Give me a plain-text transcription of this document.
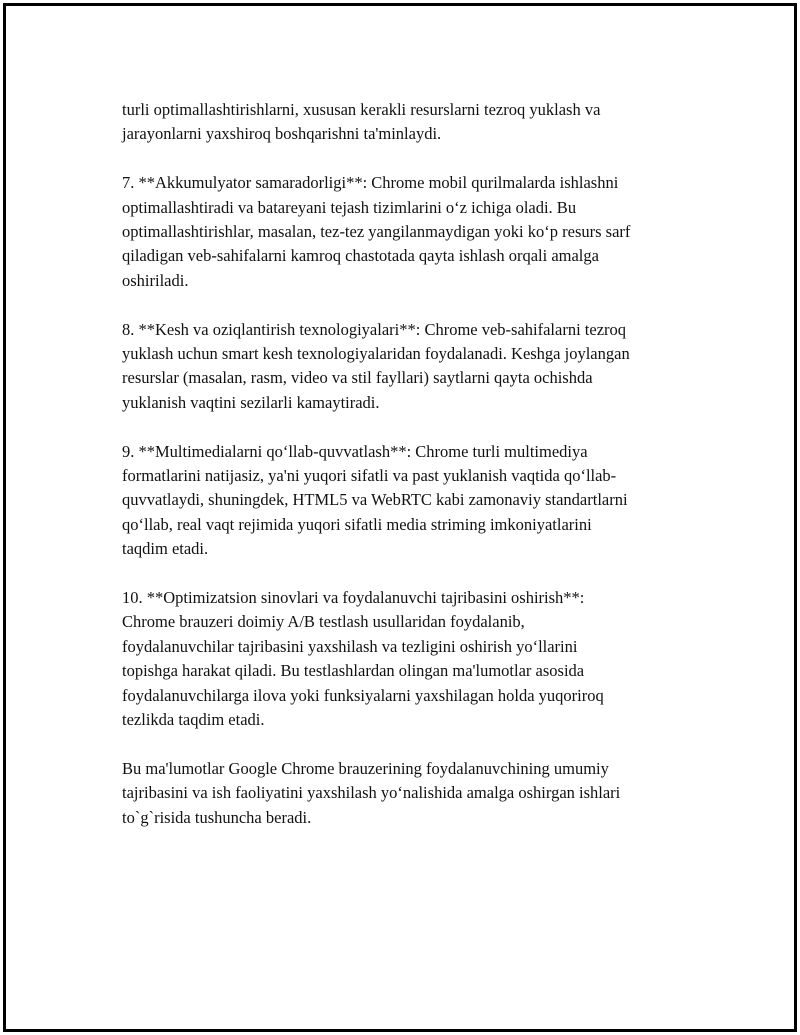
turli optimallashtirishlarni, xususan kerakli resurslarni tezroq yuklash va
jarayonlarni yaxshiroq boshqarishni ta'minlaydi.

7. **Akkumulyator samaradorligi**: Chrome mobil qurilmalarda ishlashni
optimallashtiradi va batareyani tejash tizimlarini o‘z ichiga oladi. Bu
optimallashtirishlar, masalan, tez-tez yangilanmaydigan yoki ko‘p resurs sarf
qiladigan veb-sahifalarni kamroq chastotada qayta ishlash orqali amalga
oshiriladi.

8. **Kesh va oziqlantirish texnologiyalari**: Chrome veb-sahifalarni tezroq
yuklash uchun smart kesh texnologiyalaridan foydalanadi. Keshga joylangan
resurslar (masalan, rasm, video va stil fayllari) saytlarni qayta ochishda
yuklanish vaqtini sezilarli kamaytiradi.

9. **Multimedialarni qo‘llab-quvvatlash**: Chrome turli multimediya
formatlarini natijasiz, ya'ni yuqori sifatli va past yuklanish vaqtida qo‘llab-
quvvatlaydi, shuningdek, HTML5 va WebRTC kabi zamonaviy standartlarni
qo‘llab, real vaqt rejimida yuqori sifatli media striming imkoniyatlarini
taqdim etadi.

10. **Optimizatsion sinovlari va foydalanuvchi tajribasini oshirish**:
Chrome brauzeri doimiy A/B testlash usullaridan foydalanib,
foydalanuvchilar tajribasini yaxshilash va tezligini oshirish yo‘llarini
topishga harakat qiladi. Bu testlashlardan olingan ma'lumotlar asosida
foydalanuvchilarga ilova yoki funksiyalarni yaxshilagan holda yuqoriroq
tezlikda taqdim etadi.

Bu ma'lumotlar Google Chrome brauzerining foydalanuvchining umumiy
tajribasini va ish faoliyatini yaxshilash yo‘nalishida amalga oshirgan ishlari
to`g`risida tushuncha beradi.
